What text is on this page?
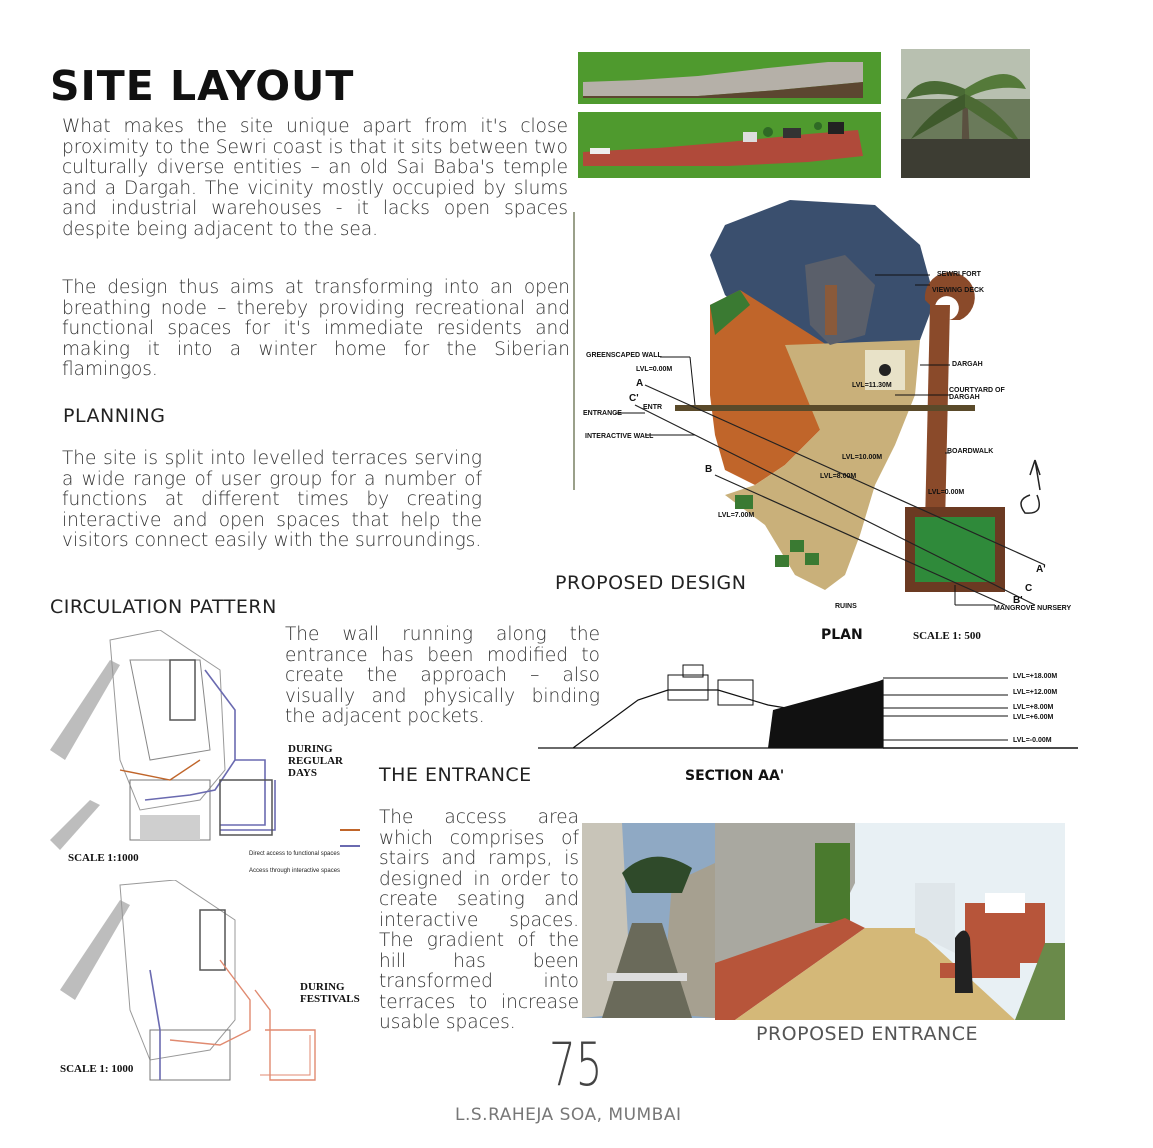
SITE LAYOUT
What makes the site unique apart from it's close proximity to the Sewri coast is that it sits between two culturally diverse entities – an old Sai Baba's temple and a Dargah. The vicinity mostly occupied by slums and industrial warehouses - it lacks open spaces despite being adjacent to the sea.
The design thus aims at transforming into an open breathing node – thereby providing recreational and functional spaces for it's immediate residents and making it into a winter home for the Siberian flamingos.
PLANNING
The site is split into levelled terraces serving a wide range of user group for a number of functions at different times by creating interactive and open spaces that help the visitors connect easily with the surroundings.
SEWRI FORT
VIEWING DECK
DARGAH
COURTYARD OF DARGAH
BOARDWALK
LVL=0.00M
GREENSCAPED WALL
LVL=0.00M
ENTRANCE
INTERACTIVE WALL
LVL=11.30M
LVL=10.00M
LVL=8.00M
LVL=7.00M
ENTR
RUINS	MANGROVE NURSERY
A
C'
B
A'
C
B'
PROPOSED DESIGN
PLAN	SCALE 1: 500
CIRCULATION PATTERN
The wall running along the entrance has been modified to create the approach – also visually and physically binding the adjacent pockets.
DURING REGULAR DAYS
SCALE 1:1000	Direct access to functional spaces
Access through interactive spaces
DURING FESTIVALS
SCALE 1: 1000
LVL=+18.00M
LVL=+12.00M
LVL=+8.00M
LVL=+6.00M
LVL=-0.00M
SECTION AA'
THE ENTRANCE
The access area which comprises of stairs and ramps, is designed in order to create seating and interactive spaces. The gradient of the hill has been transformed into terraces to increase usable spaces.
PROPOSED ENTRANCE
75
L.S.RAHEJA SOA, MUMBAI
